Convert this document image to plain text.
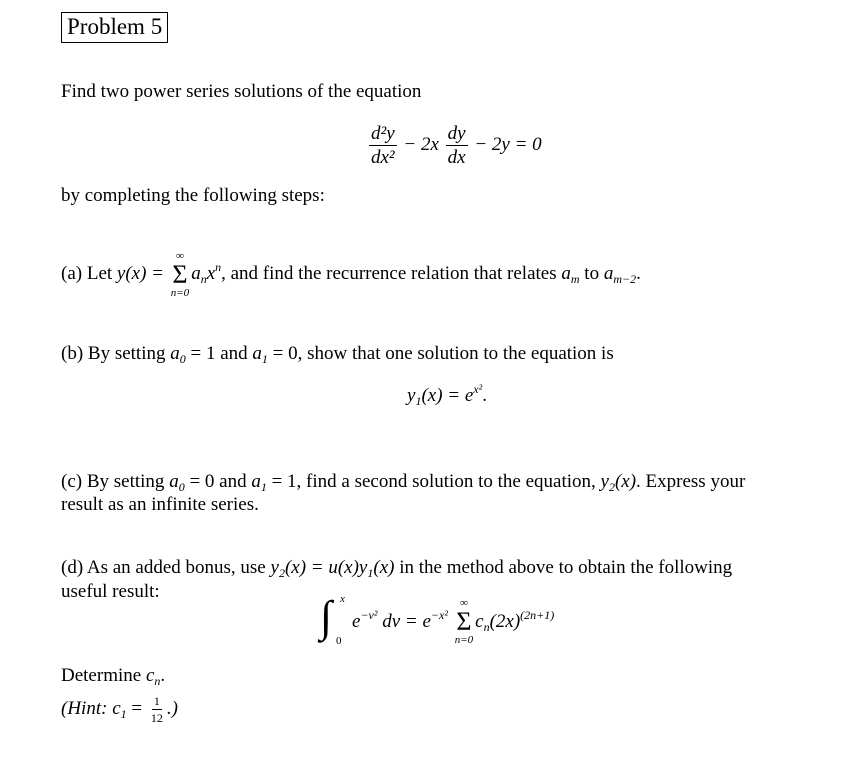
Problem 5
Find two power series solutions of the equation
$\frac{\text{d²y}}{\text{dx²}} - 2x \frac{dy}{dx} - 2y = 0$
by completing the following steps:
(a) Let y(x) =
∞
Σ
n=0
$a_nx^n$, and find the recurrence relation that relates $a_m$ to $a_{m-2}$.
(b) By setting $a_0 = 1$ and $a_1 = 0$, show that one solution to the equation is
$y_1(x) = e^{x^2}$.
(c) By setting $a_0 = 0$ and $a_1 = 1$, find a second solution to the equation, $y_2(x)$. Express your
result as an infinite series.
(d) As an added bonus, use $y_2(x) = u(x)y_1(x)$ in the method above to obtain the following
useful result:
∫ x
0
$e^{-v^2}$ dv = $e^{-x^2}$
∞
Σ
n=0
$c_n(2x)^{(2n+1)}$
Determine $c_n$.
(Hint: $c_1 = \frac{1}{12}$ .)
